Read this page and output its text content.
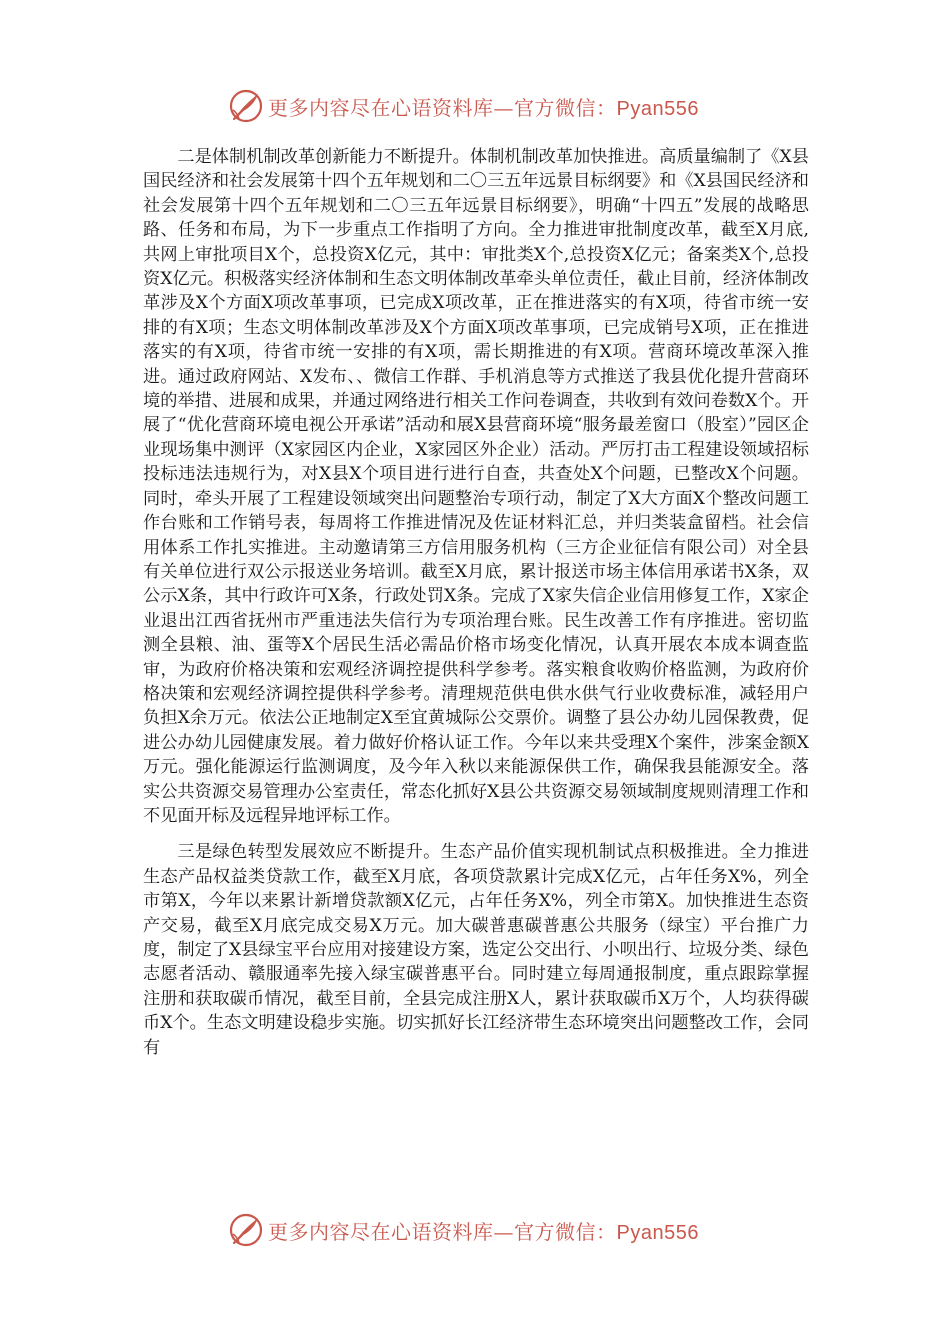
更多内容尽在心语资料库—官方微信：Pyan556

二是体制机制改革创新能力不断提升。体制机制改革加快推进。高质量编制了《X县国民经济和社会发展第十四个五年规划和二〇三五年远景目标纲要》和《X县国民经济和社会发展第十四个五年规划和二〇三五年远景目标纲要》，明确“十四五”发展的战略思路、任务和布局，为下一步重点工作指明了方向。全力推进审批制度改革，截至X月底,共网上审批项目X个，总投资X亿元，其中：审批类X个,总投资X亿元；备案类X个,总投资X亿元。积极落实经济体制和生态文明体制改革牵头单位责任，截止目前，经济体制改革涉及X个方面X项改革事项，已完成X项改革，正在推进落实的有X项，待省市统一安排的有X项；生态文明体制改革涉及X个方面X项改革事项，已完成销号X项，正在推进落实的有X项，待省市统一安排的有X项，需长期推进的有X项。营商环境改革深入推进。通过政府网站、X发布、、微信工作群、手机消息等方式推送了我县优化提升营商环境的举措、进展和成果，并通过网络进行相关工作问卷调查，共收到有效问卷数X个。开展了“优化营商环境电视公开承诺”活动和展X县营商环境“服务最差窗口（股室）”园区企业现场集中测评（X家园区内企业，X家园区外企业）活动。严厉打击工程建设领域招标投标违法违规行为，对X县X个项目进行进行自查，共查处X个问题，已整改X个问题。同时，牵头开展了工程建设领域突出问题整治专项行动，制定了X大方面X个整改问题工作台账和工作销号表，每周将工作推进情况及佐证材料汇总，并归类装盒留档。社会信用体系工作扎实推进。主动邀请第三方信用服务机构（三方企业征信有限公司）对全县有关单位进行双公示报送业务培训。截至X月底，累计报送市场主体信用承诺书X条，双公示X条，其中行政许可X条，行政处罚X条。完成了X家失信企业信用修复工作，X家企业退出江西省抚州市严重违法失信行为专项治理台账。民生改善工作有序推进。密切监测全县粮、油、蛋等X个居民生活必需品价格市场变化情况，认真开展农本成本调查监审，为政府价格决策和宏观经济调控提供科学参考。落实粮食收购价格监测，为政府价格决策和宏观经济调控提供科学参考。清理规范供电供水供气行业收费标准，减轻用户负担X余万元。依法公正地制定X至宜黄城际公交票价。调整了县公办幼儿园保教费，促进公办幼儿园健康发展。着力做好价格认证工作。今年以来共受理X个案件，涉案金额X万元。强化能源运行监测调度，及今年入秋以来能源保供工作，确保我县能源安全。落实公共资源交易管理办公室责任，常态化抓好X县公共资源交易领域制度规则清理工作和不见面开标及远程异地评标工作。

三是绿色转型发展效应不断提升。生态产品价值实现机制试点积极推进。全力推进生态产品权益类贷款工作，截至X月底，各项贷款累计完成X亿元，占年任务X%，列全市第X，今年以来累计新增贷款额X亿元，占年任务X%，列全市第X。加快推进生态资产交易，截至X月底完成交易X万元。加大碳普惠碳普惠公共服务（绿宝）平台推广力度，制定了X县绿宝平台应用对接建设方案，选定公交出行、小呗出行、垃圾分类、绿色志愿者活动、赣服通率先接入绿宝碳普惠平台。同时建立每周通报制度，重点跟踪掌握注册和获取碳币情况，截至目前，全县完成注册X人，累计获取碳币X万个，人均获得碳币X个。生态文明建设稳步实施。切实抓好长江经济带生态环境突出问题整改工作，会同有

更多内容尽在心语资料库—官方微信：Pyan556
